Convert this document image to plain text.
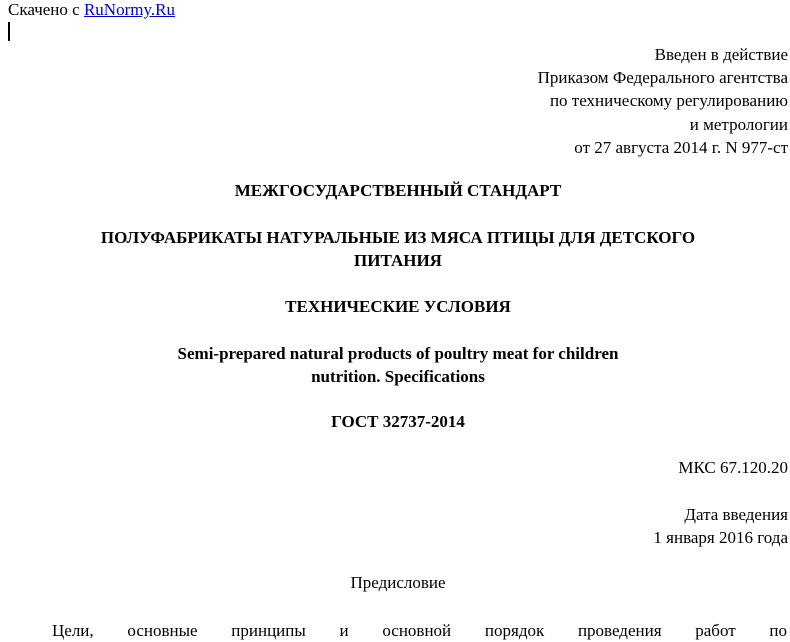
Скачено с RuNormy.Ru
Введен в действие
Приказом Федерального агентства
по техническому регулированию
и метрологии
от 27 августа 2014 г. N 977-ст
МЕЖГОСУДАРСТВЕННЫЙ СТАНДАРТ
ПОЛУФАБРИКАТЫ НАТУРАЛЬНЫЕ ИЗ МЯСА ПТИЦЫ ДЛЯ ДЕТСКОГО
ПИТАНИЯ
ТЕХНИЧЕСКИЕ УСЛОВИЯ
Semi-prepared natural products of poultry meat for children
nutrition. Specifications
ГОСТ 32737-2014
МКС 67.120.20
Дата введения
1 января 2016 года
Предисловие
Цели, основные принципы и основной порядок проведения работ по
